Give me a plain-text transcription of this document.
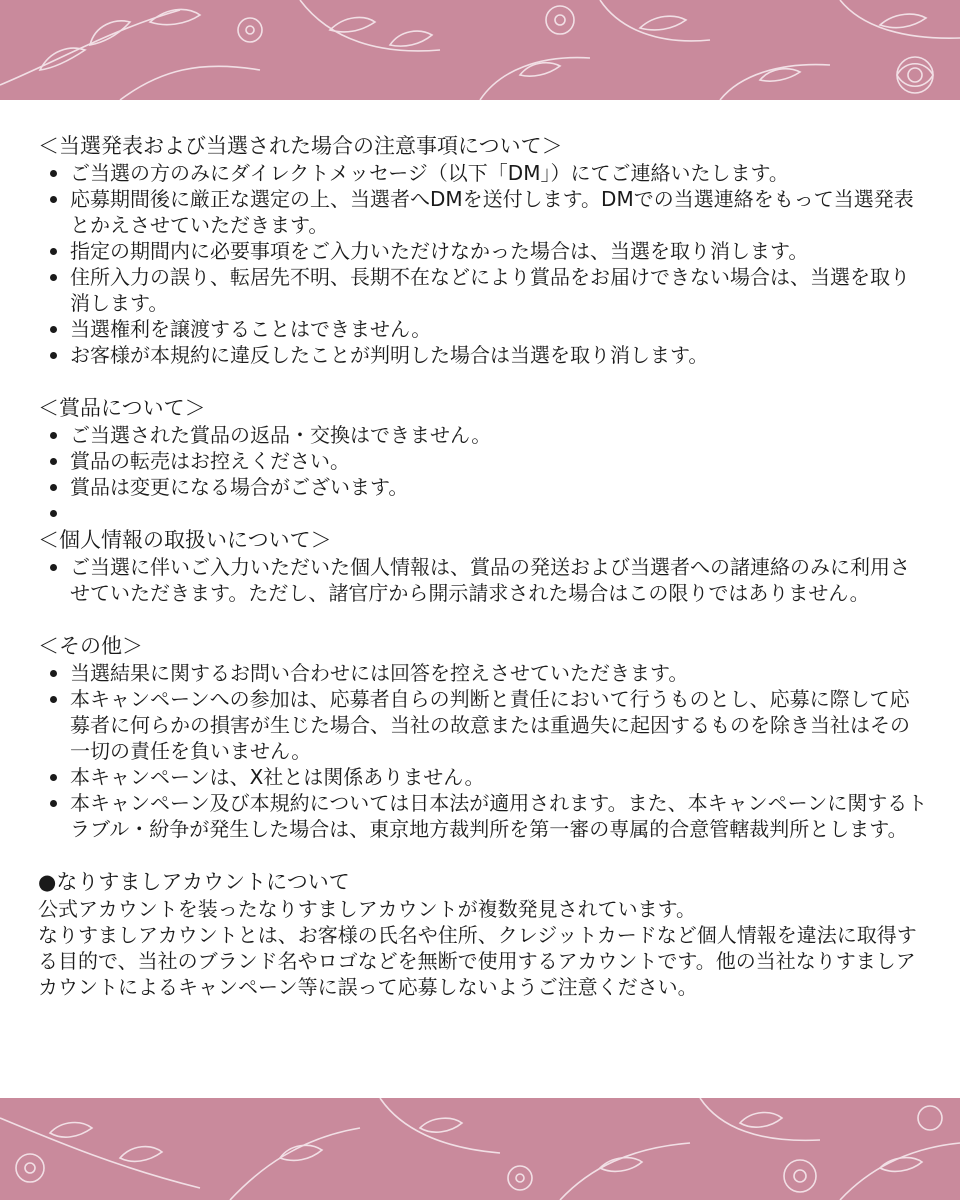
＜当選発表および当選された場合の注意事項について＞
ご当選の方のみにダイレクトメッセージ（以下「DM」）にてご連絡いたします。
応募期間後に厳正な選定の上、当選者へDMを送付します。DMでの当選連絡をもって当選発表とかえさせていただきます。
指定の期間内に必要事項をご入力いただけなかった場合は、当選を取り消します。
住所入力の誤り、転居先不明、長期不在などにより賞品をお届けできない場合は、当選を取り消します。
当選権利を譲渡することはできません。
お客様が本規約に違反したことが判明した場合は当選を取り消します。
＜賞品について＞
ご当選された賞品の返品・交換はできません。
賞品の転売はお控えください。
賞品は変更になる場合がございます。
＜個人情報の取扱いについて＞
ご当選に伴いご入力いただいた個人情報は、賞品の発送および当選者への諸連絡のみに利用させていただきます。ただし、諸官庁から開示請求された場合はこの限りではありません。
＜その他＞
当選結果に関するお問い合わせには回答を控えさせていただきます。
本キャンペーンへの参加は、応募者自らの判断と責任において行うものとし、応募に際して応募者に何らかの損害が生じた場合、当社の故意または重過失に起因するものを除き当社はその一切の責任を負いません。
本キャンペーンは、X社とは関係ありません。
本キャンペーン及び本規約については日本法が適用されます。また、本キャンペーンに関するトラブル・紛争が発生した場合は、東京地方裁判所を第一審の専属的合意管轄裁判所とします。
●なりすましアカウントについて

公式アカウントを装ったなりすましアカウントが複数発見されています。

なりすましアカウントとは、お客様の氏名や住所、クレジットカードなど個人情報を違法に取得する目的で、当社のブランド名やロゴなどを無断で使用するアカウントです。他の当社なりすましアカウントによるキャンペーン等に誤って応募しないようご注意ください。
